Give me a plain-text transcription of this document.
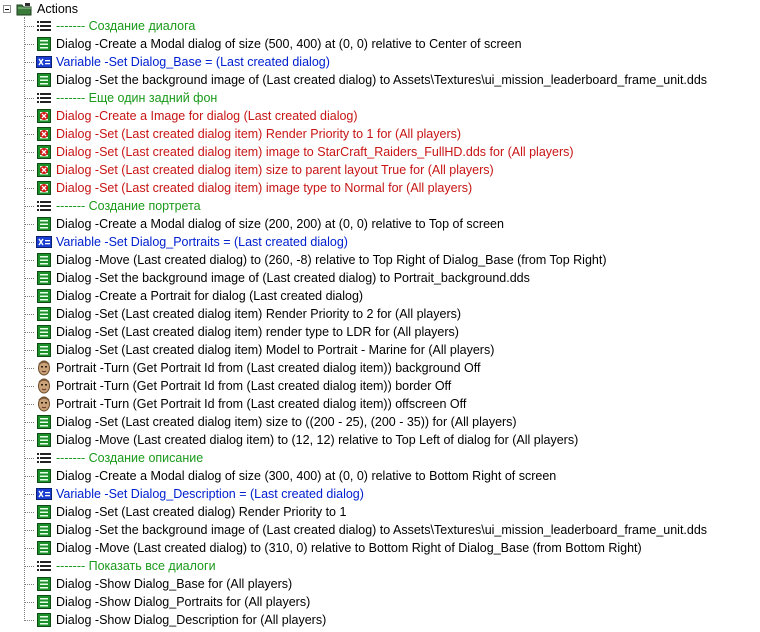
Actions
------- Создание диалога
Dialog -Create a Modal dialog of size (500, 400) at (0, 0) relative to Center of screen
Variable -Set Dialog_Base = (Last created dialog)
Dialog -Set the background image of (Last created dialog) to Assets\Textures\ui_mission_leaderboard_frame_unit.dds
------- Еще один задний фон
Dialog -Create a Image for dialog (Last created dialog)
Dialog -Set (Last created dialog item) Render Priority to 1 for (All players)
Dialog -Set (Last created dialog item) image to StarCraft_Raiders_FullHD.dds for (All players)
Dialog -Set (Last created dialog item) size to parent layout True for (All players)
Dialog -Set (Last created dialog item) image type to Normal for (All players)
------- Создание портрета
Dialog -Create a Modal dialog of size (200, 200) at (0, 0) relative to Top of screen
Variable -Set Dialog_Portraits = (Last created dialog)
Dialog -Move (Last created dialog) to (260, -8) relative to Top Right of Dialog_Base (from Top Right)
Dialog -Set the background image of (Last created dialog) to Portrait_background.dds
Dialog -Create a Portrait for dialog (Last created dialog)
Dialog -Set (Last created dialog item) Render Priority to 2 for (All players)
Dialog -Set (Last created dialog item) render type to LDR for (All players)
Dialog -Set (Last created dialog item) Model to Portrait - Marine for (All players)
Portrait -Turn (Get Portrait Id from (Last created dialog item)) background Off
Portrait -Turn (Get Portrait Id from (Last created dialog item)) border Off
Portrait -Turn (Get Portrait Id from (Last created dialog item)) offscreen Off
Dialog -Set (Last created dialog item) size to ((200 - 25), (200 - 35)) for (All players)
Dialog -Move (Last created dialog item) to (12, 12) relative to Top Left of dialog for (All players)
------- Создание описание
Dialog -Create a Modal dialog of size (300, 400) at (0, 0) relative to Bottom Right of screen
Variable -Set Dialog_Description = (Last created dialog)
Dialog -Set (Last created dialog) Render Priority to 1
Dialog -Set the background image of (Last created dialog) to Assets\Textures\ui_mission_leaderboard_frame_unit.dds
Dialog -Move (Last created dialog) to (310, 0) relative to Bottom Right of Dialog_Base (from Bottom Right)
------- Показать все диалоги
Dialog -Show Dialog_Base for (All players)
Dialog -Show Dialog_Portraits for (All players)
Dialog -Show Dialog_Description for (All players)
